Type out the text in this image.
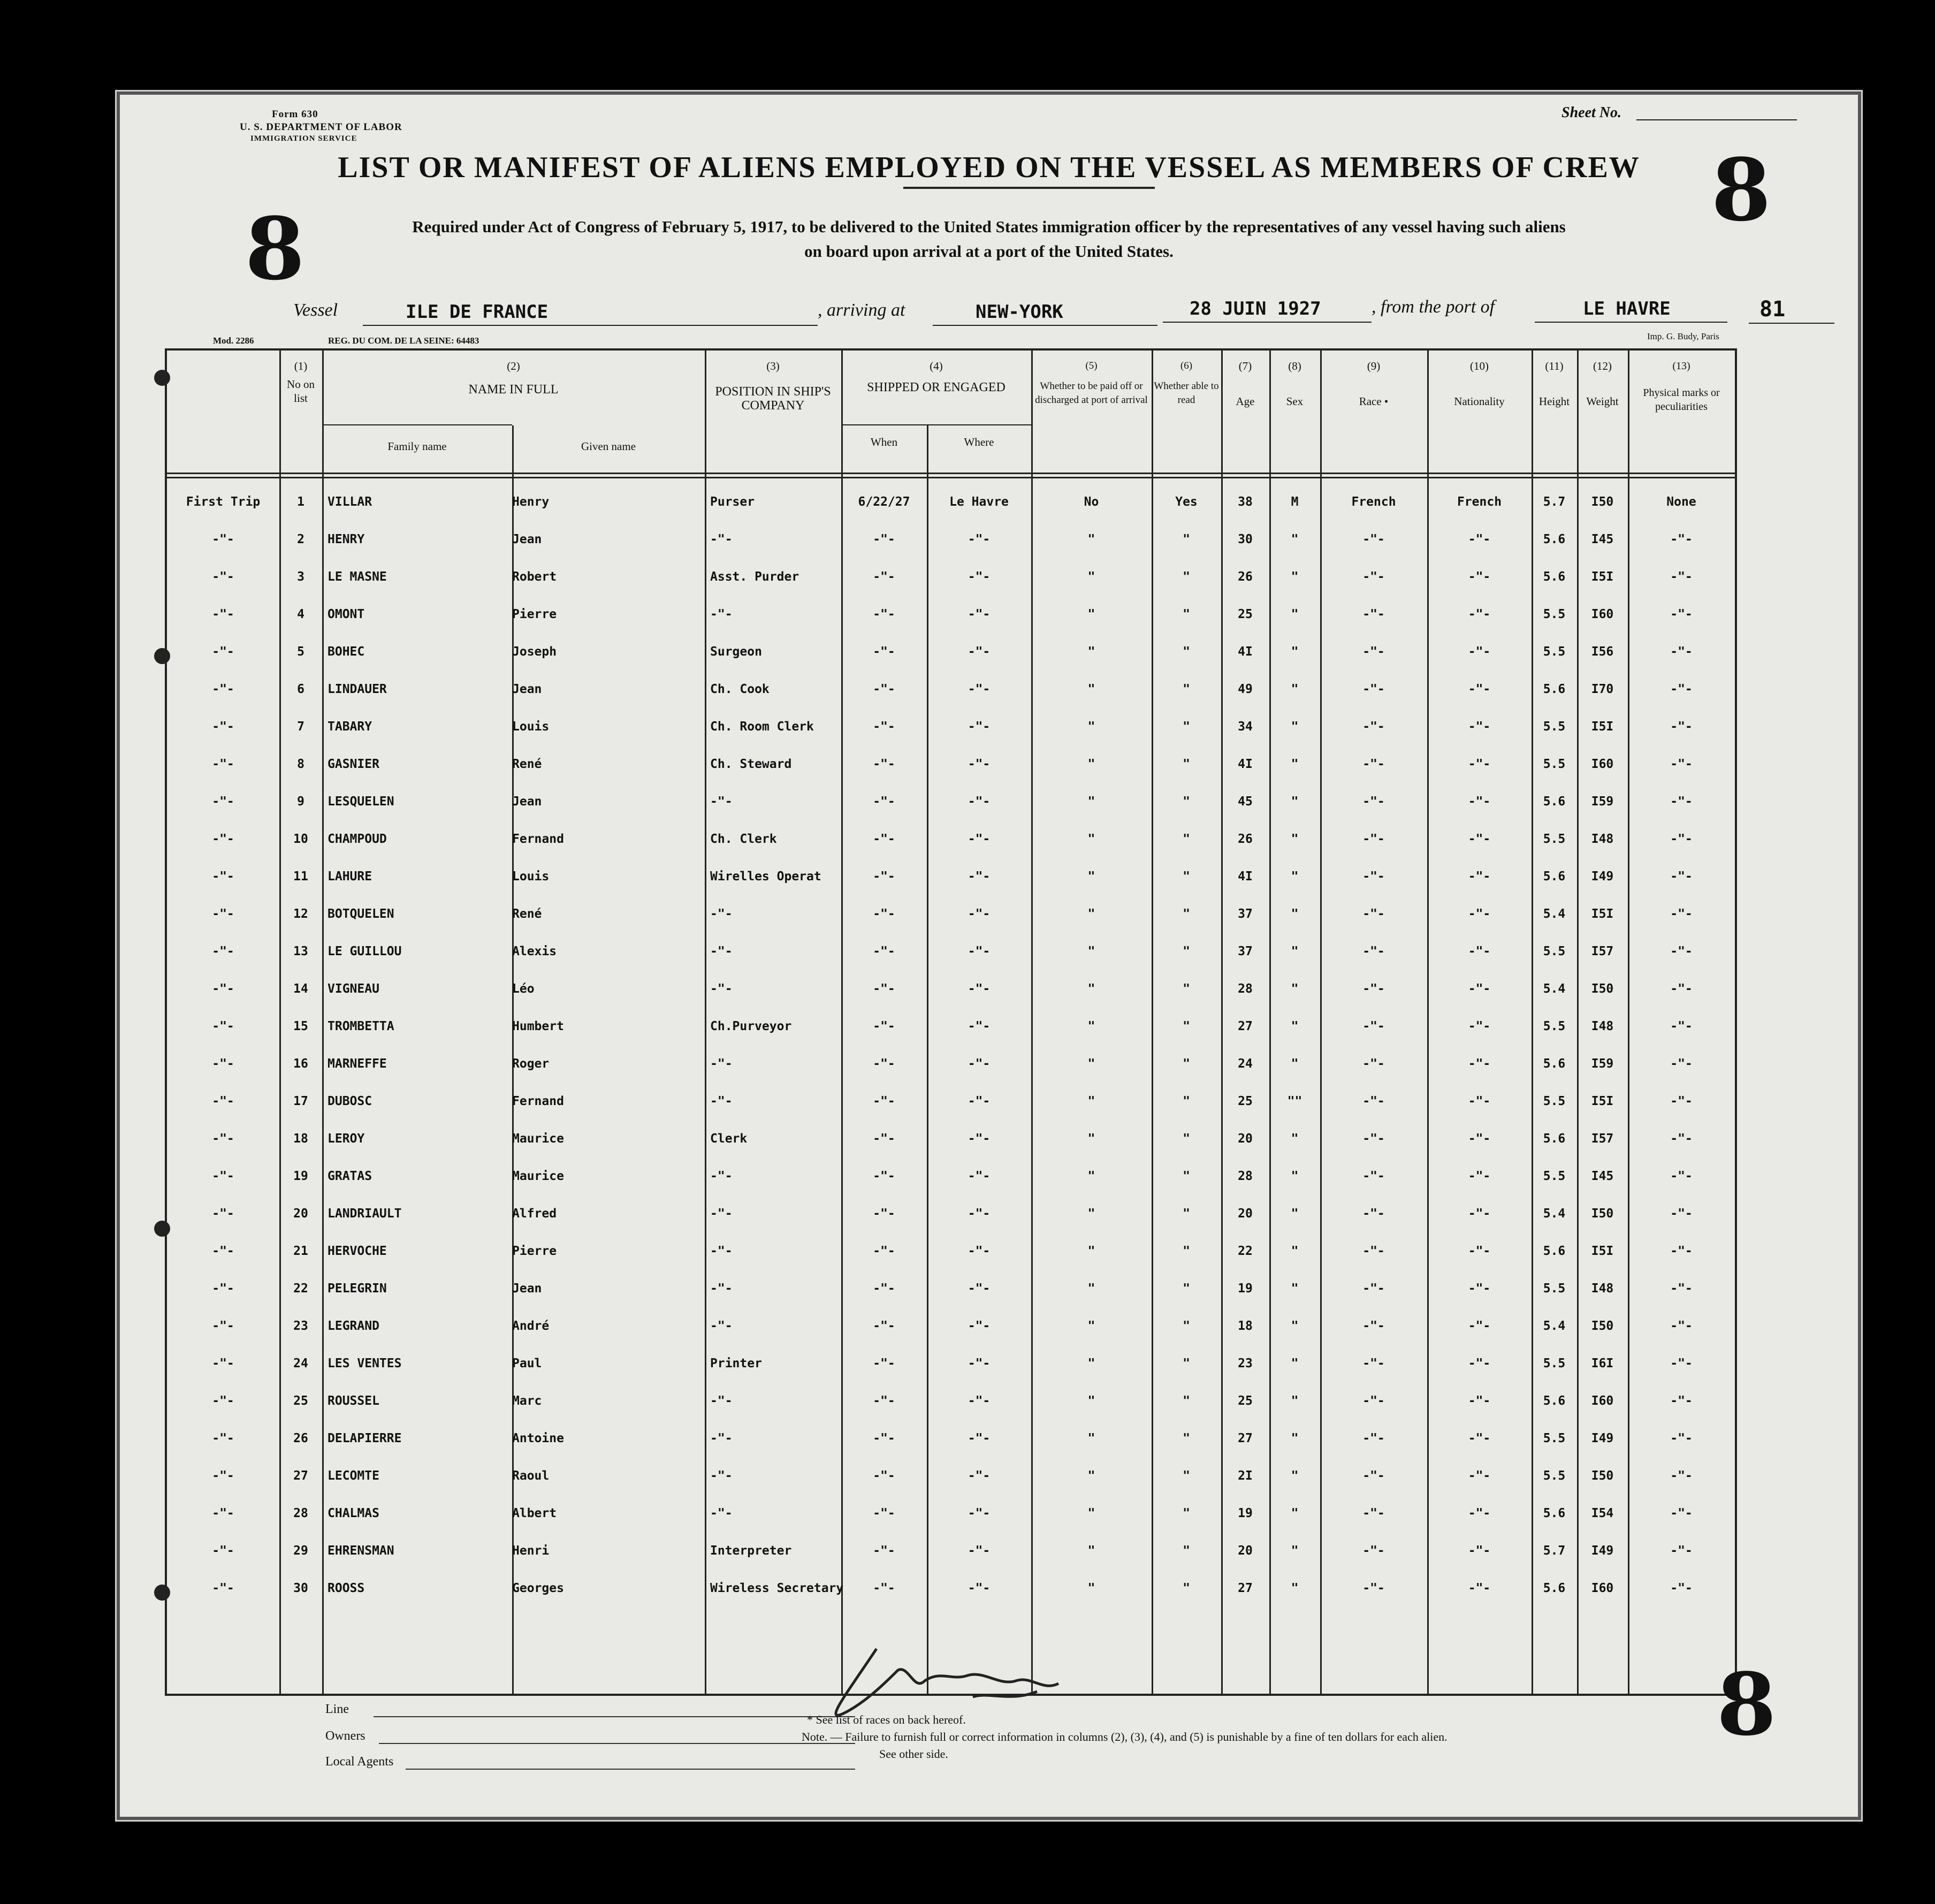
Form 630
U. S. DEPARTMENT OF LABOR
IMMIGRATION SERVICE
Sheet No.
LIST OR MANIFEST OF ALIENS EMPLOYED ON THE VESSEL AS MEMBERS OF CREW 8
8	Required under Act of Congress of February 5, 1917, to be delivered to the United States immigration officer by the representatives of any vessel having such aliens
on board upon arrival at a port of the United States.
Vessel	ILE DE FRANCE	, arriving at	NEW-YORK	28 JUIN 1927	, from the port of	LE HAVRE	81
Mod. 2286	REG. DU COM. DE LA SEINE: 64483	Imp. G. Budy, Paris
(1)
No on list
(2)
NAME IN FULL
Family name	Given name
(3)
POSITION IN SHIP'S COMPANY
(4)
SHIPPED OR ENGAGED
When	Where
(5)
Whether to be paid off or discharged at port of arrival
(6)
Whether able to read
(7)
Age
(8)
Sex
(9)
Race •
(10)
Nationality
(11)
Height
(12)
Weight
(13)
Physical marks or peculiarities
First Trip	1	VILLAR	Henry	Purser	6/22/27	Le Havre	No	Yes	38	M	French	French	5.7	I50	None
-"-	2	HENRY	Jean	-"-	-"-	-"-	"	"	30	"	-"-	-"-	5.6	I45	-"-
-"-	3	LE MASNE	Robert	Asst. Purder	-"-	-"-	"	"	26	"	-"-	-"-	5.6	I5I	-"-
-"-	4	OMONT	Pierre	-"-	-"-	-"-	"	"	25	"	-"-	-"-	5.5	I60	-"-
-"-	5	BOHEC	Joseph	Surgeon	-"-	-"-	"	"	4I	"	-"-	-"-	5.5	I56	-"-
-"-	6	LINDAUER	Jean	Ch. Cook	-"-	-"-	"	"	49	"	-"-	-"-	5.6	I70	-"-
-"-	7	TABARY	Louis	Ch. Room Clerk	-"-	-"-	"	"	34	"	-"-	-"-	5.5	I5I	-"-
-"-	8	GASNIER	René	Ch. Steward	-"-	-"-	"	"	4I	"	-"-	-"-	5.5	I60	-"-
-"-	9	LESQUELEN	Jean	-"-	-"-	-"-	"	"	45	"	-"-	-"-	5.6	I59	-"-
-"-	10	CHAMPOUD	Fernand	Ch. Clerk	-"-	-"-	"	"	26	"	-"-	-"-	5.5	I48	-"-
-"-	11	LAHURE	Louis	Wirelles Operat	-"-	-"-	"	"	4I	"	-"-	-"-	5.6	I49	-"-
-"-	12	BOTQUELEN	René	-"-	-"-	-"-	"	"	37	"	-"-	-"-	5.4	I5I	-"-
-"-	13	LE GUILLOU	Alexis	-"-	-"-	-"-	"	"	37	"	-"-	-"-	5.5	I57	-"-
-"-	14	VIGNEAU	Léo	-"-	-"-	-"-	"	"	28	"	-"-	-"-	5.4	I50	-"-
-"-	15	TROMBETTA	Humbert	Ch.Purveyor	-"-	-"-	"	"	27	"	-"-	-"-	5.5	I48	-"-
-"-	16	MARNEFFE	Roger	-"-	-"-	-"-	"	"	24	"	-"-	-"-	5.6	I59	-"-
-"-	17	DUBOSC	Fernand	-"-	-"-	-"-	"	"	25	""	-"-	-"-	5.5	I5I	-"-
-"-	18	LEROY	Maurice	Clerk	-"-	-"-	"	"	20	"	-"-	-"-	5.6	I57	-"-
-"-	19	GRATAS	Maurice	-"-	-"-	-"-	"	"	28	"	-"-	-"-	5.5	I45	-"-
-"-	20	LANDRIAULT	Alfred	-"-	-"-	-"-	"	"	20	"	-"-	-"-	5.4	I50	-"-
-"-	21	HERVOCHE	Pierre	-"-	-"-	-"-	"	"	22	"	-"-	-"-	5.6	I5I	-"-
-"-	22	PELEGRIN	Jean	-"-	-"-	-"-	"	"	19	"	-"-	-"-	5.5	I48	-"-
-"-	23	LEGRAND	André	-"-	-"-	-"-	"	"	18	"	-"-	-"-	5.4	I50	-"-
-"-	24	LES VENTES	Paul	Printer	-"-	-"-	"	"	23	"	-"-	-"-	5.5	I6I	-"-
-"-	25	ROUSSEL	Marc	-"-	-"-	-"-	"	"	25	"	-"-	-"-	5.6	I60	-"-
-"-	26	DELAPIERRE	Antoine	-"-	-"-	-"-	"	"	27	"	-"-	-"-	5.5	I49	-"-
-"-	27	LECOMTE	Raoul	-"-	-"-	-"-	"	"	2I	"	-"-	-"-	5.5	I50	-"-
-"-	28	CHALMAS	Albert	-"-	-"-	-"-	"	"	19	"	-"-	-"-	5.6	I54	-"-
-"-	29	EHRENSMAN	Henri	Interpreter	-"-	-"-	"	"	20	"	-"-	-"-	5.7	I49	-"-
-"-	30	ROOSS	Georges	Wireless Secretary	-"-	-"-	"	"	27	"	-"-	-"-	5.6	I60	-"-
Line
Owners
Local Agents
* See list of races on back hereof.
Note. — Failure to furnish full or correct information in columns (2), (3), (4), and (5) is punishable by a fine of ten dollars for each alien.
See other side.	8
